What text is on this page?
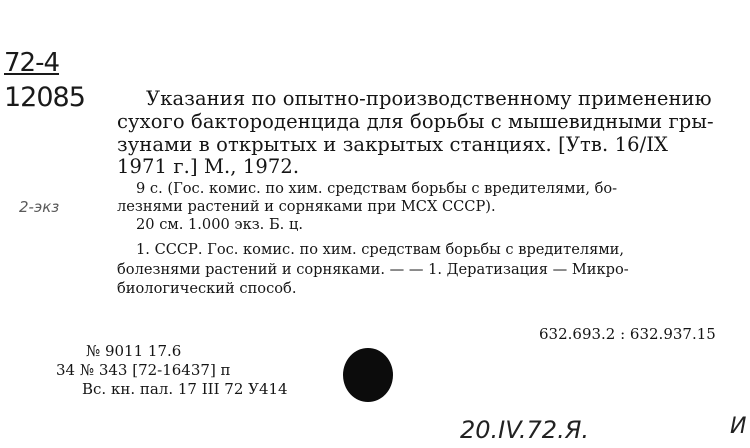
72-4
12085
2-экз
Указания по опытно-производственному применению
сухого бактороденцида для борьбы с мышевидными гры-
зунами в открытых и закрытых станциях. [Утв. 16/IX
1971 г.] М., 1972.
9 с. (Гос. комис. по хим. средствам борьбы с вредителями, бо-
лезнями растений и сорняками при МСХ СССР).
20 см. 1.000 экз. Б. ц.
1. СССР. Гос. комис. по хим. средствам борьбы с вредителями,
болезнями растений и сорняками. — — 1. Дератизация — Микро-
биологический способ.
632.693.2 : 632.937.15
№ 9011 17.6
34 № 343 [72-16437] п
Вс. кн. пал. 17 III 72 У414
20.IV.72.Я.	И
